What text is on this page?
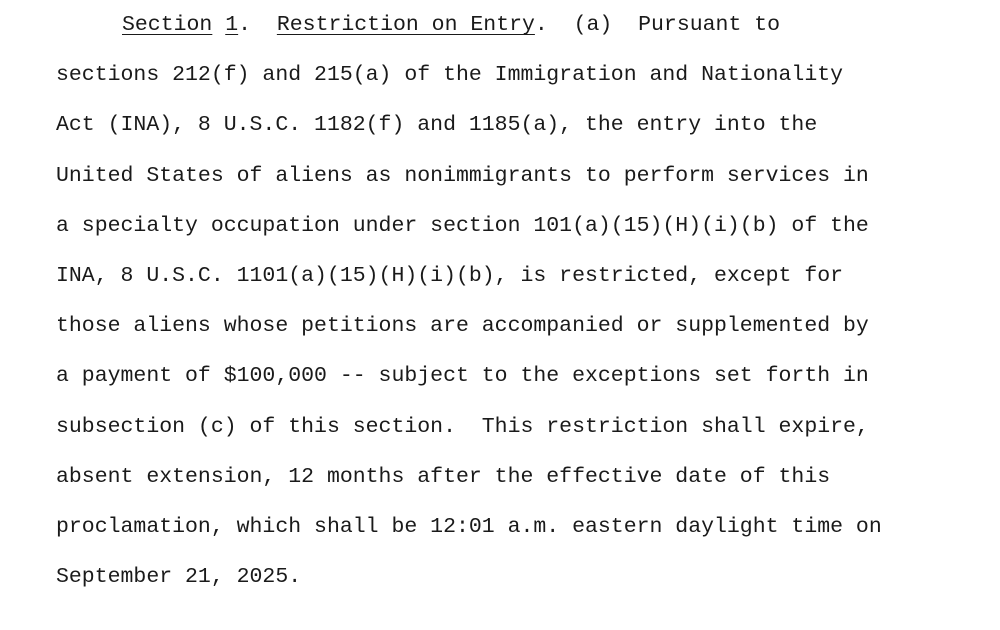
Section 1.  Restriction on Entry.  (a)  Pursuant to
sections 212(f) and 215(a) of the Immigration and Nationality
Act (INA), 8 U.S.C. 1182(f) and 1185(a), the entry into the
United States of aliens as nonimmigrants to perform services in
a specialty occupation under section 101(a)(15)(H)(i)(b) of the
INA, 8 U.S.C. 1101(a)(15)(H)(i)(b), is restricted, except for
those aliens whose petitions are accompanied or supplemented by
a payment of $100,000 -- subject to the exceptions set forth in
subsection (c) of this section.  This restriction shall expire,
absent extension, 12 months after the effective date of this
proclamation, which shall be 12:01 a.m. eastern daylight time on
September 21, 2025.
